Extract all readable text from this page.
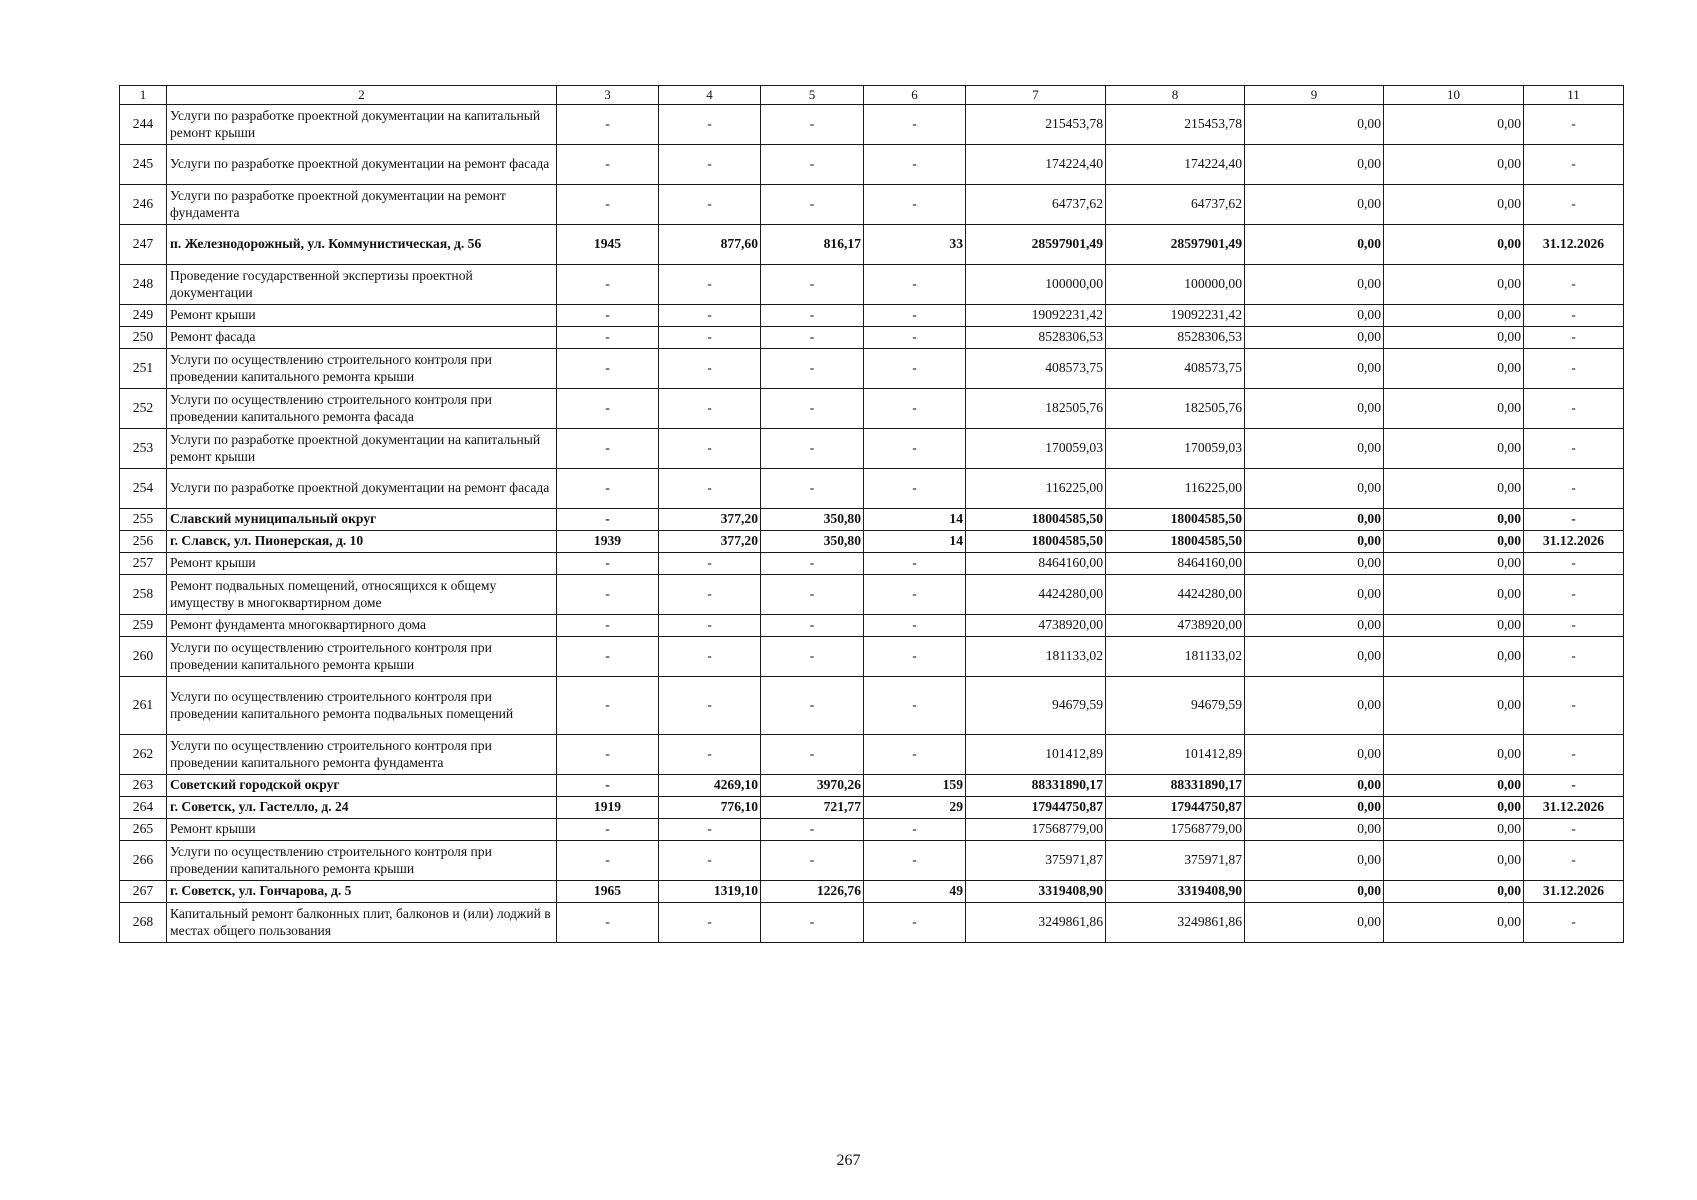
1	2	3	4	5	6	7	8	9	10	11
244	Услуги по разработке проектной документации на капитальный ремонт крыши	-	-	-	-	215453,78	215453,78	0,00	0,00	-
245	Услуги по разработке проектной документации на ремонт фасада	-	-	-	-	174224,40	174224,40	0,00	0,00	-
246	Услуги по разработке проектной документации на ремонт фундамента	-	-	-	-	64737,62	64737,62	0,00	0,00	-
247	п. Железнодорожный, ул. Коммунистическая, д. 56	1945	877,60	816,17	33	28597901,49	28597901,49	0,00	0,00	31.12.2026
248	Проведение государственной экспертизы проектной документации	-	-	-	-	100000,00	100000,00	0,00	0,00	-
249	Ремонт крыши	-	-	-	-	19092231,42	19092231,42	0,00	0,00	-
250	Ремонт фасада	-	-	-	-	8528306,53	8528306,53	0,00	0,00	-
251	Услуги по осуществлению строительного контроля при проведении капитального ремонта крыши	-	-	-	-	408573,75	408573,75	0,00	0,00	-
252	Услуги по осуществлению строительного контроля при проведении капитального ремонта фасада	-	-	-	-	182505,76	182505,76	0,00	0,00	-
253	Услуги по разработке проектной документации на капитальный ремонт крыши	-	-	-	-	170059,03	170059,03	0,00	0,00	-
254	Услуги по разработке проектной документации на ремонт фасада	-	-	-	-	116225,00	116225,00	0,00	0,00	-
255	Славский муниципальный округ	-	377,20	350,80	14	18004585,50	18004585,50	0,00	0,00	-
256	г. Славск, ул. Пионерская, д. 10	1939	377,20	350,80	14	18004585,50	18004585,50	0,00	0,00	31.12.2026
257	Ремонт крыши	-	-	-	-	8464160,00	8464160,00	0,00	0,00	-
258	Ремонт подвальных помещений, относящихся к общему имуществу в многоквартирном доме	-	-	-	-	4424280,00	4424280,00	0,00	0,00	-
259	Ремонт фундамента многоквартирного дома	-	-	-	-	4738920,00	4738920,00	0,00	0,00	-
260	Услуги по осуществлению строительного контроля при проведении капитального ремонта крыши	-	-	-	-	181133,02	181133,02	0,00	0,00	-
261	Услуги по осуществлению строительного контроля при проведении капитального ремонта подвальных помещений	-	-	-	-	94679,59	94679,59	0,00	0,00	-
262	Услуги по осуществлению строительного контроля при проведении капитального ремонта фундамента	-	-	-	-	101412,89	101412,89	0,00	0,00	-
263	Советский городской округ	-	4269,10	3970,26	159	88331890,17	88331890,17	0,00	0,00	-
264	г. Советск, ул. Гастелло, д. 24	1919	776,10	721,77	29	17944750,87	17944750,87	0,00	0,00	31.12.2026
265	Ремонт крыши	-	-	-	-	17568779,00	17568779,00	0,00	0,00	-
266	Услуги по осуществлению строительного контроля при проведении капитального ремонта крыши	-	-	-	-	375971,87	375971,87	0,00	0,00	-
267	г. Советск, ул. Гончарова, д. 5	1965	1319,10	1226,76	49	3319408,90	3319408,90	0,00	0,00	31.12.2026
268	Капитальный ремонт балконных плит, балконов и (или) лоджий в местах общего пользования	-	-	-	-	3249861,86	3249861,86	0,00	0,00	-
267
